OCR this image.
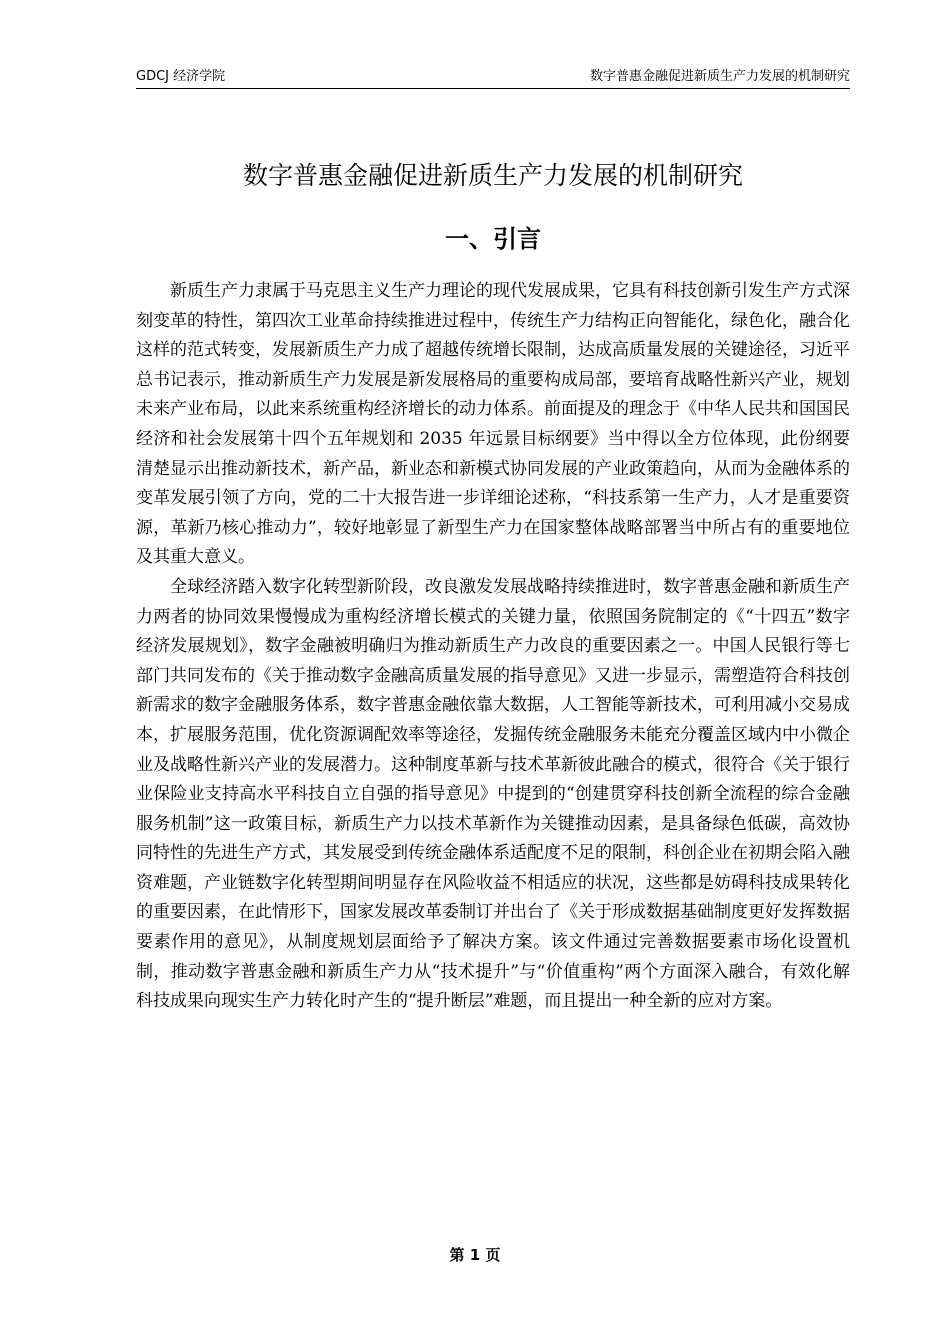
GDCJ 经济学院	数字普惠金融促进新质生产力发展的机制研究
数字普惠金融促进新质生产力发展的机制研究
一、引言

新质生产力隶属于马克思主义生产力理论的现代发展成果，它具有科技创新引发生产方式深刻变革的特性，第四次工业革命持续推进过程中，传统生产力结构正向智能化，绿色化，融合化这样的范式转变，发展新质生产力成了超越传统增长限制，达成高质量发展的关键途径，习近平总书记表示，推动新质生产力发展是新发展格局的重要构成局部，要培育战略性新兴产业，规划未来产业布局，以此来系统重构经济增长的动力体系。前面提及的理念于《中华人民共和国国民经济和社会发展第十四个五年规划和 2035 年远景目标纲要》当中得以全方位体现，此份纲要清楚显示出推动新技术，新产品，新业态和新模式协同发展的产业政策趋向，从而为金融体系的变革发展引领了方向，党的二十大报告进一步详细论述称，“科技系第一生产力，人才是重要资源，革新乃核心推动力”，较好地彰显了新型生产力在国家整体战略部署当中所占有的重要地位及其重大意义。

全球经济踏入数字化转型新阶段，改良激发发展战略持续推进时，数字普惠金融和新质生产力两者的协同效果慢慢成为重构经济增长模式的关键力量，依照国务院制定的《“十四五”数字经济发展规划》，数字金融被明确归为推动新质生产力改良的重要因素之一。中国人民银行等七部门共同发布的《关于推动数字金融高质量发展的指导意见》又进一步显示，需塑造符合科技创新需求的数字金融服务体系，数字普惠金融依靠大数据，人工智能等新技术，可利用减小交易成本，扩展服务范围，优化资源调配效率等途径，发掘传统金融服务未能充分覆盖区域内中小微企业及战略性新兴产业的发展潜力。这种制度革新与技术革新彼此融合的模式，很符合《关于银行业保险业支持高水平科技自立自强的指导意见》中提到的“创建贯穿科技创新全流程的综合金融服务机制”这一政策目标，新质生产力以技术革新作为关键推动因素，是具备绿色低碳，高效协同特性的先进生产方式，其发展受到传统金融体系适配度不足的限制，科创企业在初期会陷入融资难题，产业链数字化转型期间明显存在风险收益不相适应的状况，这些都是妨碍科技成果转化的重要因素，在此情形下，国家发展改革委制订并出台了《关于形成数据基础制度更好发挥数据要素作用的意见》，从制度规划层面给予了解决方案。该文件通过完善数据要素市场化设置机制，推动数字普惠金融和新质生产力从“技术提升”与“价值重构”两个方面深入融合，有效化解科技成果向现实生产力转化时产生的“提升断层”难题，而且提出一种全新的应对方案。

第 1 页
